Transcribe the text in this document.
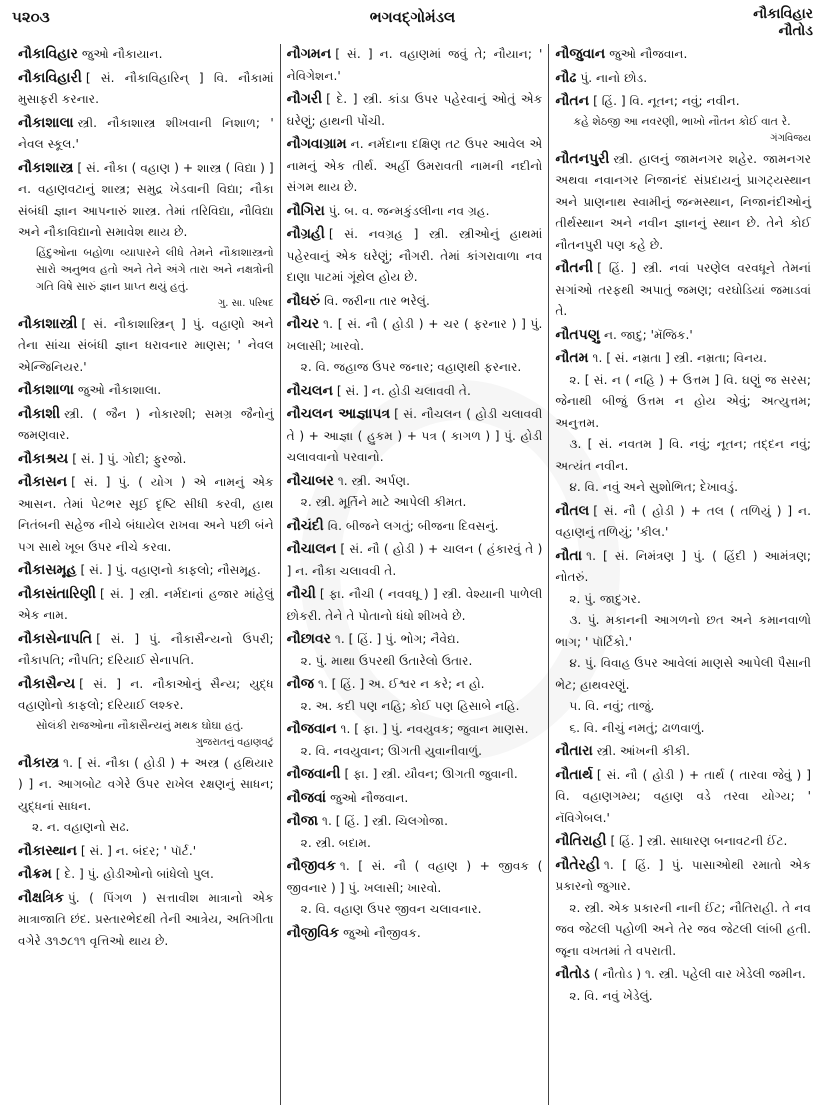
૫૨૦૩	ભગવદ્ગોમંડલ	નૌકાવિહાર
નૌતોડ
નૌકાવિહાર જુઓ નૌકાયાન.
નૌકાવિહારી [ સં. નૌકાવિહારિન્ ] વિ. નૌકામાં મુસાફરી કરનાર.
નૌકાશાલા સ્ત્રી. નૌકાશાસ્ત્ર શીખવાની નિશાળ; ' નેવલ સ્કૂલ.'
નૌકાશાસ્ત્ર [ સં. નૌકા ( વહાણ ) + શાસ્ત્ર ( વિદ્યા ) ] ન. વહાણવટાનું શાસ્ત્ર; સમુદ્ર ખેડવાની વિદ્યા; નૌકા સંબંધી જ્ઞાન આપનારું શાસ્ત્ર. તેમાં તરિવિદ્યા, નૌવિદ્યા અને નૌકાવિદ્યાનો સમાવેશ થાય છે.
હિંદુઓના બહોળા વ્યાપારને લીધે તેમને નૌકાશાસ્ત્રનો સારો અનુભવ હતો અને તેને અંગે તારા અને નક્ષત્રોની ગતિ વિષે સારું જ્ઞાન પ્રાપ્ત થયું હતું.
ગુ. સા. પરિષદ
નૌકાશાસ્ત્રી [ સં. નૌકાશાસ્ત્રિન્ ] પું. વહાણો અને તેના સાંચા સંબંધી જ્ઞાન ધરાવનાર માણસ; ' નેવલ એન્જિનિયર.'
નૌકાશાળા જુઓ નૌકાશાલા.
નૌકાશી સ્ત્રી. ( જૈન ) નોકારશી; સમગ્ર જૈનોનું જમણવાર.
નૌકાશ્રય [ સં. ] પું. ગોદી; ફુરજો.
નૌકાસન [ સં. ] પું. ( યોગ ) એ નામનું એક આસન. તેમાં પેટભર સૂઈ દૃષ્ટિ સીધી કરવી, હાથ નિતંબની સહેજ નીચે બંધાયેલ રાખવા અને પછી બંને પગ સાથે ખૂબ ઉપર નીચે કરવા.
નૌકાસમૂહ [ સં. ] પું. વહાણનો કાફલો; નૌસમૂહ.
નૌકાસંતારિણી [ સં. ] સ્ત્રી. નર્મદાનાં હજાર માંહેલું એક નામ.
નૌકાસેનાપતિ [ સં. ] પું. નૌકાસૈન્યનો ઉપરી; નૌકાપતિ; નૌપતિ; દરિયાઈ સેનાપતિ.
નૌકાસૈન્ય [ સં. ] ન. નૌકાઓનું સૈન્ય; યુદ્ધ વહાણોનો કાફલો; દરિયાઈ લશ્કર.
સોલંકી રાજઓના નૌકાસૈન્યનું મથક ઘોઘા હતું.
ગુજરાતનું વહાણવટું
નૌકાસ્ત્ર ૧. [ સં. નૌકા ( હોડી ) + અસ્ત્ર ( હથિયાર ) ] ન. આગબોટ વગેરે ઉપર રાખેલ રક્ષણનું સાધન; યુદ્ધનાં સાધન.
૨. ન. વહાણનો સઢ.
નૌકાસ્થાન [ સં. ] ન. બંદર; ' પૉર્ટ.'
નૌક્રમ [ દે. ] પું. હોડીઓનો બાંધેલો પુલ.
નૌક્ષત્રિક પું. ( પિંગળ ) સત્તાવીશ માત્રાનો એક માત્રાજાતિ છંદ. પ્રસ્તારભેદથી તેની આત્રેય, અતિગીતા વગેરે ૩૧૭૮૧૧ વૃત્તિઓ થાય છે.
નૌગમન [ સં. ] ન. વહાણમાં જવું તે; નૌયાન; ' નેવિગેશન.'
નૌગરી [ દે. ] સ્ત્રી. કાંડા ઉપર પહેરવાનું ઓતું એક ઘરેણું; હાથની પોંચી.
નૌગવાગ્રામ ન. નર્મદાના દક્ષિણ તટ ઉપર આવેલ એ નામનું એક તીર્થ. અહીં ઉમરાવતી નામની નદીનો સંગમ થાય છે.
નૌગિરા પું. બ. વ. જન્મકુંડલીના નવ ગ્રહ.
નૌગ્રહી [ સં. નવગ્રહ ] સ્ત્રી. સ્ત્રીઓનું હાથમાં પહેરવાનું એક ઘરેણું; નૌગરી. તેમાં કાંગરાવાળા નવ દાણા પાટમાં ગૂંથેલ હોય છે.
નૌઘરું વિ. જરીના તાર ભરેલું.
નૌચર ૧. [ સં. નૌ ( હોડી ) + ચર ( ફરનાર ) ] પું. ખલાસી; ખારવો.
૨. વિ. જહાજ ઉપર જનાર; વહાણથી ફરનાર.
નૌચલન [ સં. ] ન. હોડી ચલાવવી તે.
નૌચલન આજ્ઞાપત્ર [ સં. નૌચલન ( હોડી ચલાવવી તે ) + આજ્ઞા ( હુકમ ) + પત્ર ( કાગળ ) ] પું. હોડી ચલાવવાનો પરવાનો.
નૌચાબર ૧. સ્ત્રી. અર્પણ.
૨. સ્ત્રી. મૂર્તિને માટે આપેલી કીમત.
નૌચંદી વિ. બીજને લગતું; બીજના દિવસનું.
નૌચાલન [ સં. નૌ ( હોડી ) + ચાલન ( હંકારવું તે ) ] ન. નૌકા ચલાવવી તે.
નૌચી [ ફા. નૌચી ( નવવધૂ ) ] સ્ત્રી. વેશ્યાની પાળેલી છોકરી. તેને તે પોતાનો ધંધો શીખવે છે.
નૌછાવર ૧. [ હિં. ] પું. ભોગ; નૈવેદ્ય.
૨. પું. માથા ઉપરથી ઉતારેલો ઉતાર.
નૌજ ૧. [ હિં. ] અ. ઈશ્વર ન કરે; ન હો.
૨. અ. કદી પણ નહિ; કોઈ પણ હિસાબે નહિ.
નૌજવાન ૧. [ ફા. ] પું. નવયુવક; જુવાન માણસ.
૨. વિ. નવયુવાન; ઊગતી યુવાનીવાળું.
નૌજવાની [ ફા. ] સ્ત્રી. યૌવન; ઊગતી જુવાની.
નૌજવાં જુઓ નૌજવાન.
નૌજા ૧. [ હિં. ] સ્ત્રી. ચિલગોજા.
૨. સ્ત્રી. બદામ.
નૌજીવક ૧. [ સં. નૌ ( વહાણ ) + જીવક ( જીવનાર ) ] પું. ખલાસી; ખારવો.
૨. વિ. વહાણ ઉપર જીવન ચલાવનાર.
નૌજીવિક જુઓ નૌજીવક.
નૌજુવાન જુઓ નૌજવાન.
નૌઢ પું. નાનો છોડ.
નૌતન [ હિં. ] વિ. નૂતન; નવું; નવીન.
કહે શેઠજી આ નવરણી, ભાખો નૌતન કોઈ વાત રે.
ગંગવિજય
નૌતનપુરી સ્ત્રી. હાલનું જામનગર શહેર. જામનગર અથવા નવાનગર નિજાનંદ સંપ્રદાયનું પ્રાગટ્યસ્થાન અને પ્રાણનાથ સ્વામીનું જન્મસ્થાન, નિજાનંદીઓનું તીર્થસ્થાન અને નવીન જ્ઞાનનું સ્થાન છે. તેને કોઈ નૌતનપુરી પણ કહે છે.
નૌતની [ હિં. ] સ્ત્રી. નવાં પરણેલ વરવધૂને તેમનાં સગાંઓ તરફથી અપાતું જમણ; વરઘોડિયાં જમાડવાં તે.
નૌતપણુ ન. જાદુ; 'મૅજિક.'
નૌતમ ૧. [ સં. નમ્રતા ] સ્ત્રી. નમ્રતા; વિનય.
૨. [ સં. ન ( નહિ ) + ઉત્તમ ] વિ. ઘણું જ સરસ; જેનાથી બીજું ઉત્તમ ન હોય એવું; અત્યુત્તમ; અનુત્તમ.
૩. [ સં. નવતમ ] વિ. નવું; નૂતન; તદ્દન નવું; અત્યંત નવીન.
૪. વિ. નવું અને સુશોભિત; દેખાવડું.
નૌતલ [ સં. નૌ ( હોડી ) + તલ ( તળિયું ) ] ન. વહાણનું તળિયું; 'કીલ.'
નૌતા ૧. [ સં. નિમંત્રણ ] પું. ( હિંદી ) આમંત્રણ; નોતરું.
૨. પું. જાદુગર.
૩. પું. મકાનની આગળનો છત અને કમાનવાળો ભાગ; ' પૉર્ટિકો.'
૪. પું. વિવાહ ઉપર આવેલાં માણસે આપેલી પૈસાની ભેટ; હાથવરણું.
૫. વિ. નવું; તાજું.
૬. વિ. નીચું નમતું; ઢાળવાળું.
નૌતારા સ્ત્રી. આંખની કીકી.
નૌતાર્થ [ સં. નૌ ( હોડી ) + તાર્થ ( તારવા જેવું ) ] વિ. વહાણગમ્ય; વહાણ વડે તરવા યોગ્ય; ' નૅવિગેબલ.'
નૌતિરાહી [ હિં. ] સ્ત્રી. સાધારણ બનાવટની ઈંટ.
નૌતેરહી ૧. [ હિં. ] પું. પાસાઓથી રમાતો એક પ્રકારનો જુગાર.
૨. સ્ત્રી. એક પ્રકારની નાની ઈંટ; નૌતિરાહી. તે નવ જવ જેટલી પહોળી અને તેર જવ જેટલી લાંબી હતી. જૂના વખતમાં તે વપરાતી.
નૌતોડ ( નૌતોડ ) ૧. સ્ત્રી. પહેલી વાર ખેડેલી જમીન.
૨. વિ. નવું ખેડેલું.
